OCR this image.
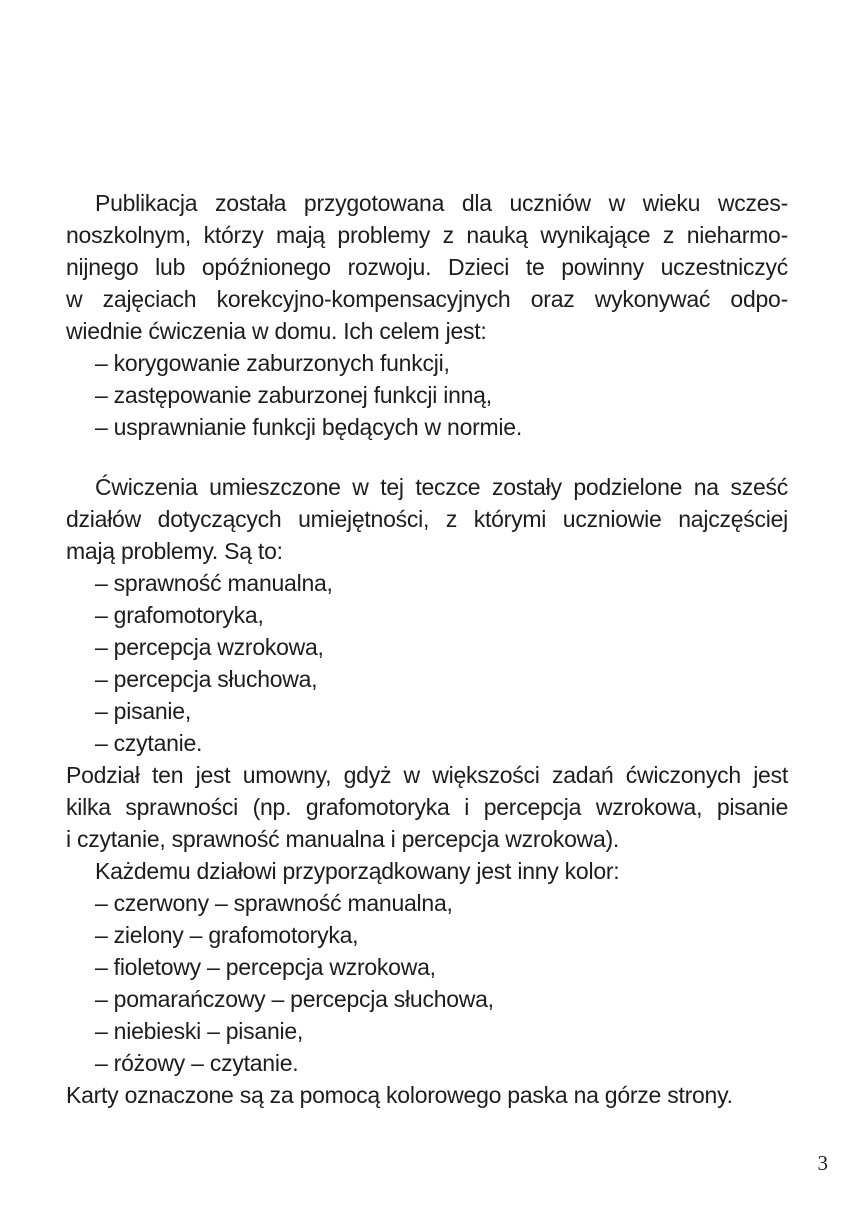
Publikacja została przygotowana dla uczniów w wieku wczes-
noszkolnym, którzy mają problemy z nauką wynikające z nieharmo-
nijnego lub opóźnionego rozwoju. Dzieci te powinny uczestniczyć
w zajęciach korekcyjno-kompensacyjnych oraz wykonywać odpo-
wiednie ćwiczenia w domu. Ich celem jest:
– korygowanie zaburzonych funkcji,
– zastępowanie zaburzonej funkcji inną,
– usprawnianie funkcji będących w normie.
Ćwiczenia umieszczone w tej teczce zostały podzielone na sześć
działów dotyczących umiejętności, z którymi uczniowie najczęściej
mają problemy. Są to:
– sprawność manualna,
– grafomotoryka,
– percepcja wzrokowa,
– percepcja słuchowa,
– pisanie,
– czytanie.
Podział ten jest umowny, gdyż w większości zadań ćwiczonych jest
kilka sprawności (np. grafomotoryka i percepcja wzrokowa, pisanie
i czytanie, sprawność manualna i percepcja wzrokowa).
Każdemu działowi przyporządkowany jest inny kolor:
– czerwony – sprawność manualna,
– zielony – grafomotoryka,
– fioletowy – percepcja wzrokowa,
– pomarańczowy – percepcja słuchowa,
– niebieski – pisanie,
– różowy – czytanie.
Karty oznaczone są za pomocą kolorowego paska na górze strony.
3
